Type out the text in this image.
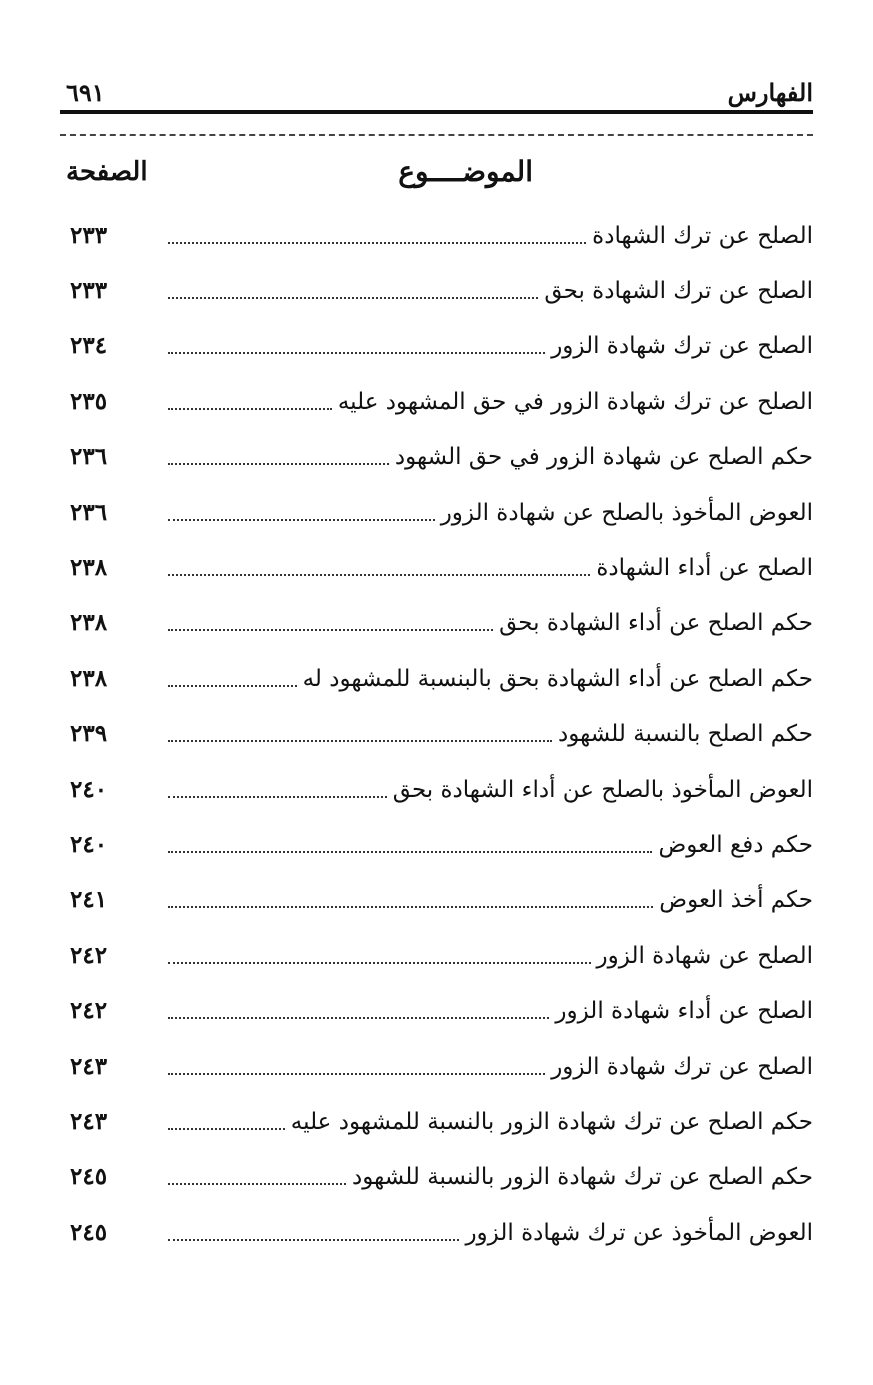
الفهارس
٦٩١
الموضــــوع
الصفحة
الصلح عن ترك الشهادة
٢٣٣
الصلح عن ترك الشهادة بحق
٢٣٣
الصلح عن ترك شهادة الزور
٢٣٤
الصلح عن ترك شهادة الزور في حق المشهود عليه
٢٣٥
حكم الصلح عن شهادة الزور في حق الشهود
٢٣٦
العوض المأخوذ بالصلح عن شهادة الزور
٢٣٦
الصلح عن أداء الشهادة
٢٣٨
حكم الصلح عن أداء الشهادة بحق
٢٣٨
حكم الصلح عن أداء الشهادة بحق بالبنسبة للمشهود له
٢٣٨
حكم الصلح بالنسبة للشهود
٢٣٩
العوض المأخوذ بالصلح عن أداء الشهادة بحق
٢٤٠
حكم دفع العوض
٢٤٠
حكم أخذ العوض
٢٤١
الصلح عن شهادة الزور
٢٤٢
الصلح عن أداء شهادة الزور
٢٤٢
الصلح عن ترك شهادة الزور
٢٤٣
حكم الصلح عن ترك شهادة الزور بالنسبة للمشهود عليه
٢٤٣
حكم الصلح عن ترك شهادة الزور بالنسبة للشهود
٢٤٥
العوض المأخوذ عن ترك شهادة الزور
٢٤٥
